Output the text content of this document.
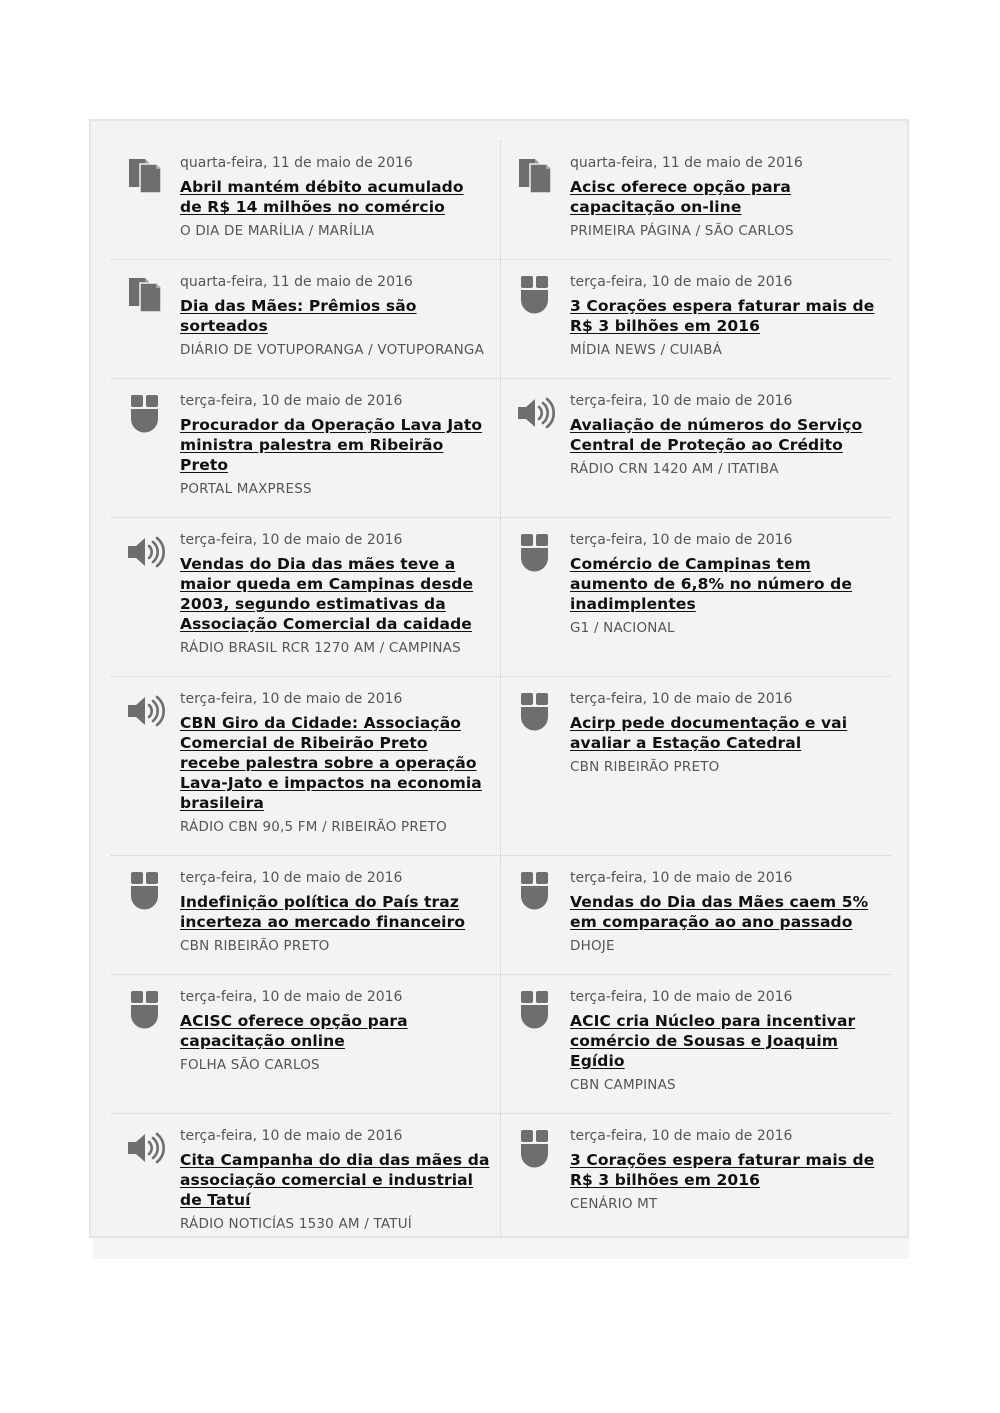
quarta-feira, 11 de maio de 2016
Abril mantém débito acumulado de R$ 14 milhões no comércio
O DIA DE MARÍLIA / MARÍLIA
quarta-feira, 11 de maio de 2016
Acisc oferece opção para capacitação on-line
PRIMEIRA PÁGINA / SÃO CARLOS
quarta-feira, 11 de maio de 2016
Dia das Mães: Prêmios são sorteados
DIÁRIO DE VOTUPORANGA / VOTUPORANGA
terça-feira, 10 de maio de 2016
3 Corações espera faturar mais de R$ 3 bilhões em 2016
MÍDIA NEWS / CUIABÁ
terça-feira, 10 de maio de 2016
Procurador da Operação Lava Jato ministra palestra em Ribeirão Preto
PORTAL MAXPRESS
terça-feira, 10 de maio de 2016
Avaliação de números do Serviço Central de Proteção ao Crédito
RÁDIO CRN 1420 AM / ITATIBA
terça-feira, 10 de maio de 2016
Vendas do Dia das mães teve a maior queda em Campinas desde 2003, segundo estimativas da Associação Comercial da caidade
RÁDIO BRASIL RCR 1270 AM / CAMPINAS
terça-feira, 10 de maio de 2016
Comércio de Campinas tem aumento de 6,8% no número de inadimplentes
G1 / NACIONAL
terça-feira, 10 de maio de 2016
CBN Giro da Cidade: Associação Comercial de Ribeirão Preto recebe palestra sobre a operação Lava-Jato e impactos na economia brasileira
RÁDIO CBN 90,5 FM / RIBEIRÃO PRETO
terça-feira, 10 de maio de 2016
Acirp pede documentação e vai avaliar a Estação Catedral
CBN RIBEIRÃO PRETO
terça-feira, 10 de maio de 2016
Indefinição política do País traz incerteza ao mercado financeiro
CBN RIBEIRÃO PRETO
terça-feira, 10 de maio de 2016
Vendas do Dia das Mães caem 5% em comparação ao ano passado
DHOJE
terça-feira, 10 de maio de 2016
ACISC oferece opção para capacitação online
FOLHA SÃO CARLOS
terça-feira, 10 de maio de 2016
ACIC cria Núcleo para incentivar comércio de Sousas e Joaquim Egídio
CBN CAMPINAS
terça-feira, 10 de maio de 2016
Cita Campanha do dia das mães da associação comercial e industrial de Tatuí
RÁDIO NOTICÍAS 1530 AM / TATUÍ
terça-feira, 10 de maio de 2016
3 Corações espera faturar mais de R$ 3 bilhões em 2016
CENÁRIO MT
